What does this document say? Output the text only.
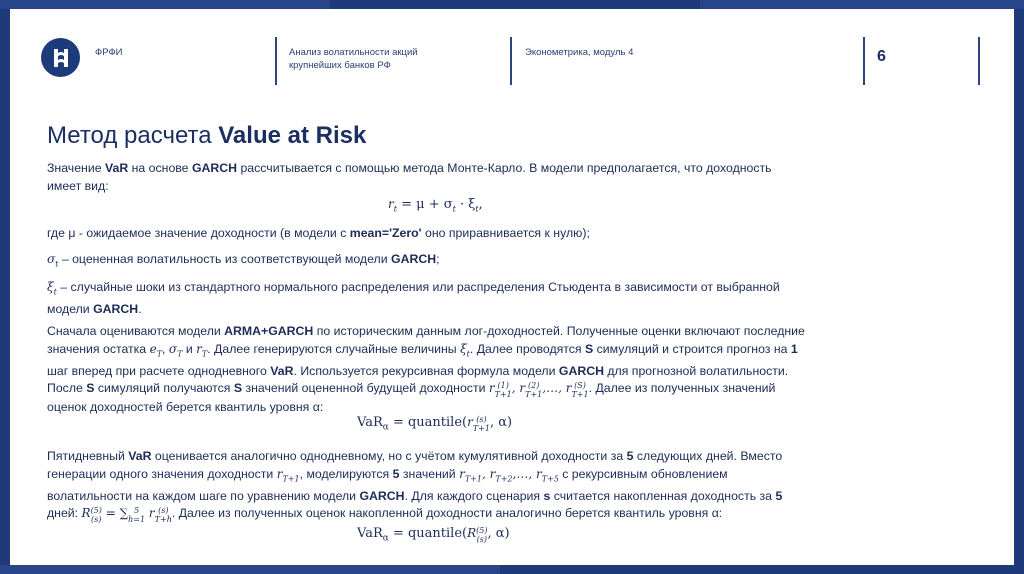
ФРФИ	Анализ волатильности акций
крупнейших банков РФ
Эконометрика, модуль 4	6
Метод расчета Value at Risk
Значение VaR на основе GARCH рассчитывается с помощью метода Монте-Карло. В модели предполагается, что доходность имеет вид:
$r_t = \mu + \sigma_t \cdot \xi_t$,
где μ - ожидаемое значение доходности (в модели с mean='Zero' оно приравнивается к нулю);
$\sigma_t$ – оцененная волатильность из соответствующей модели GARCH;
$\xi_t$ – случайные шоки из стандартного нормального распределения или распределения Стьюдента в зависимости от выбранной модели GARCH.
Сначала оцениваются модели ARMA+GARCH по историческим данным лог-доходностей. Полученные оценки включают последние значения остатка $e_T$, $\sigma_T$ и $r_T$. Далее генерируются случайные величины $\xi_t$. Далее проводятся S симуляций и строится прогноз на 1 шаг вперед при расчете однодневного VaR. Используется рекурсивная формула модели GARCH для прогнозной волатильности. После S симуляций получаются S значений оцененной будущей доходности r (1)
T+1 , r (2)
T+1 ,…, r (S)
T+1 . Далее из полученных значений оценок доходностей берется квантиль уровня α:
VaR$_\alpha$ = quantile(r (s)
T+1 , α)
Пятидневный VaR оценивается аналогично однодневному, но с учётом кумулятивной доходности за 5 следующих дней. Вместо генерации одного значения доходности $r_{T+1}$, моделируются 5 значений $r_{T+1}$, $r_{T+2},\dots$, $r_{T+5}$ с рекурсивным обновлением волатильности на каждом шаге по уравнению модели GARCH. Для каждого сценария s считается накопленная доходность за 5 дней: R (5)
(s) = ∑ 5
h=1 r (s)
T+h . Далее из полученных оценок накопленной доходности аналогично берется квантиль уровня α:
VaR$_\alpha$ = quantile(R (5)
(s) , α)
